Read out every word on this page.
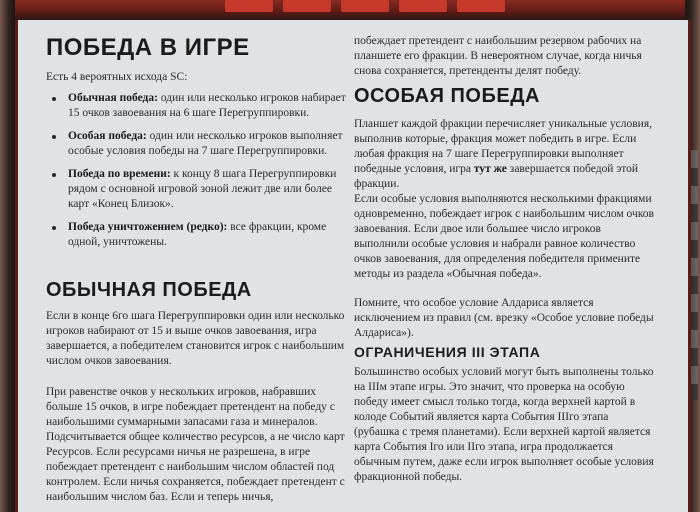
ПОБЕДА В ИГРЕ

Есть 4 вероятных исхода SC:

Обычная победа: один или несколько игроков набирает 15 очков завоевания на 6 шаге Перегруппировки.
Особая победа: один или несколько игроков выполняет особые условия победы на 7 шаге Перегруппировки.
Победа по времени: к концу 8 шага Перегруппировки рядом с основной игровой зоной лежит две или более карт «Конец Близок».
Победа уничтожением (редко): все фракции, кроме одной, уничтожены.
ОБЫЧНАЯ ПОБЕДА

Если в конце 6го шага Перегруппировки один или несколько игроков набирают от 15 и выше очков завоевания, игра завершается, а победителем становится игрок с наибольшим числом очков завоевания.

При равенстве очков у нескольких игроков, набравших больше 15 очков, в игре побеждает претендент на победу с наибольшими суммарными запасами газа и минералов. Подсчитывается общее количество ресурсов, а не число карт Ресурсов. Если ресурсами ничья не разрешена, в игре побеждает претендент с наибольшим числом областей под контролем. Если ничья сохраняется, побеждает претендент с наибольшим числом баз. Если и теперь ничья,

побеждает претендент с наибольшим резервом рабочих на планшете его фракции. В невероятном случае, когда ничья снова сохраняется, претенденты делят победу.

ОСОБАЯ ПОБЕДА

Планшет каждой фракции перечисляет уникальные условия, выполнив которые, фракция может победить в игре. Если любая фракция на 7 шаге Перегруппировки выполняет победные условия, игра тут же завершается победой этой фракции.

Если особые условия выполняются несколькими фракциями одновременно, побеждает игрок с наибольшим числом очков завоевания. Если двое или большее число игроков выполнили особые условия и набрали равное количество очков завоевания, для определения победителя примените методы из раздела «Обычная победа».

Помните, что особое условие Алдариса является исключением из правил (см. врезку «Особое условие победы Алдариса»).

ОГРАНИЧЕНИЯ III ЭТАПА

Большинство особых условий могут быть выполнены только на IIIм этапе игры. Это значит, что проверка на особую победу имеет смысл только тогда, когда верхней картой в колоде Событий является карта События IIIго этапа (рубашка с тремя планетами). Если верхней картой является карта События Iго или IIго этапа, игра продолжается обычным путем, даже если игрок выполняет особые условия фракционной победы.
